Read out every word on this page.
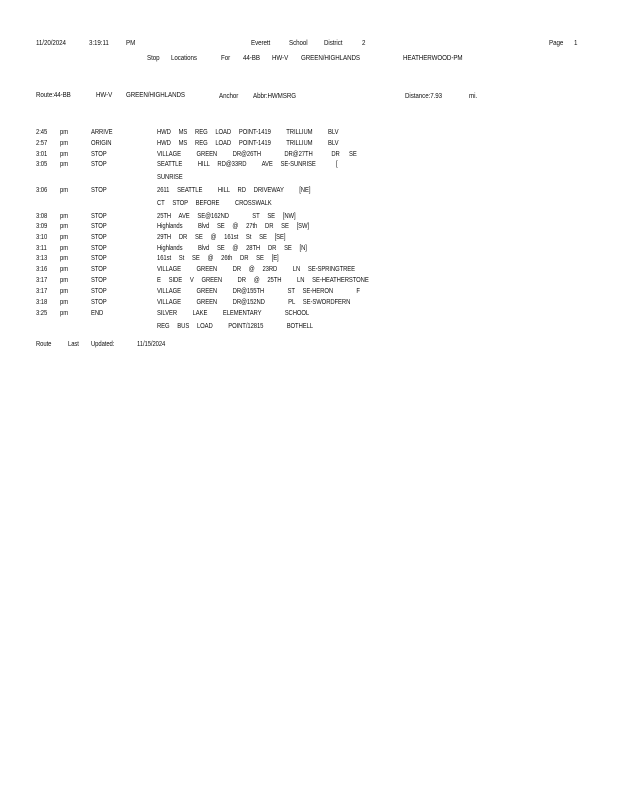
11/20/2024	3:19:11 PM	Everett School District	2	Page 1
Stop Locations	For 44-BB HW-V GREEN/HIGHLANDS	HEATHERWOOD-PM
Route:44-BB	HW-V GREEN/HIGHLANDS	Anchor Abbr:HWMSRG	Distance:7.93	mi.
2:45 pm	ARRIVE	HWD     MS     REG     LOAD     POINT-1419          TRILLIUM          BLV
2:57 pm	ORIGIN	HWD     MS     REG     LOAD     POINT-1419          TRILLIUM          BLV
3:01 pm	STOP	VILLAGE          GREEN          DR@26TH               DR@27TH            DR      SE
3:05 pm	STOP	SEATTLE          HILL     RD@33RD          AVE     SE-SUNRISE             [
SUNRISE
3:06 pm	STOP	2611     SEATTLE          HILL     RD     DRIVEWAY          [NE]
CT     STOP     BEFORE          CROSSWALK
3:08 pm	STOP	25TH     AVE     SE@162ND               ST     SE     [NW]
3:09 pm	STOP	Highlands          Blvd     SE     @     27th     DR     SE     [SW]
3:10 pm	STOP	29TH     DR     SE     @     161st     St     SE     [SE]
3:11 pm	STOP	Highlands          Blvd     SE     @     28TH     DR     SE     [N]
3:13 pm	STOP	161st     St     SE     @     26th     DR     SE     [E]
3:16 pm	STOP	VILLAGE          GREEN          DR     @     23RD          LN     SE-SPRINGTREE
3:17 pm	STOP	E     SIDE     V     GREEN          DR     @     25TH          LN     SE-HEATHERSTONE
3:17 pm	STOP	VILLAGE          GREEN          DR@155TH               ST     SE-HERON               F
3:18 pm	STOP	VILLAGE          GREEN          DR@152ND               PL     SE-SWORDFERN
3:25 pm	END	SILVER          LAKE          ELEMENTARY               SCHOOL
REG     BUS     LOAD          POINT/12815               BOTHELL
Route Last Updated:	11/15/2024
